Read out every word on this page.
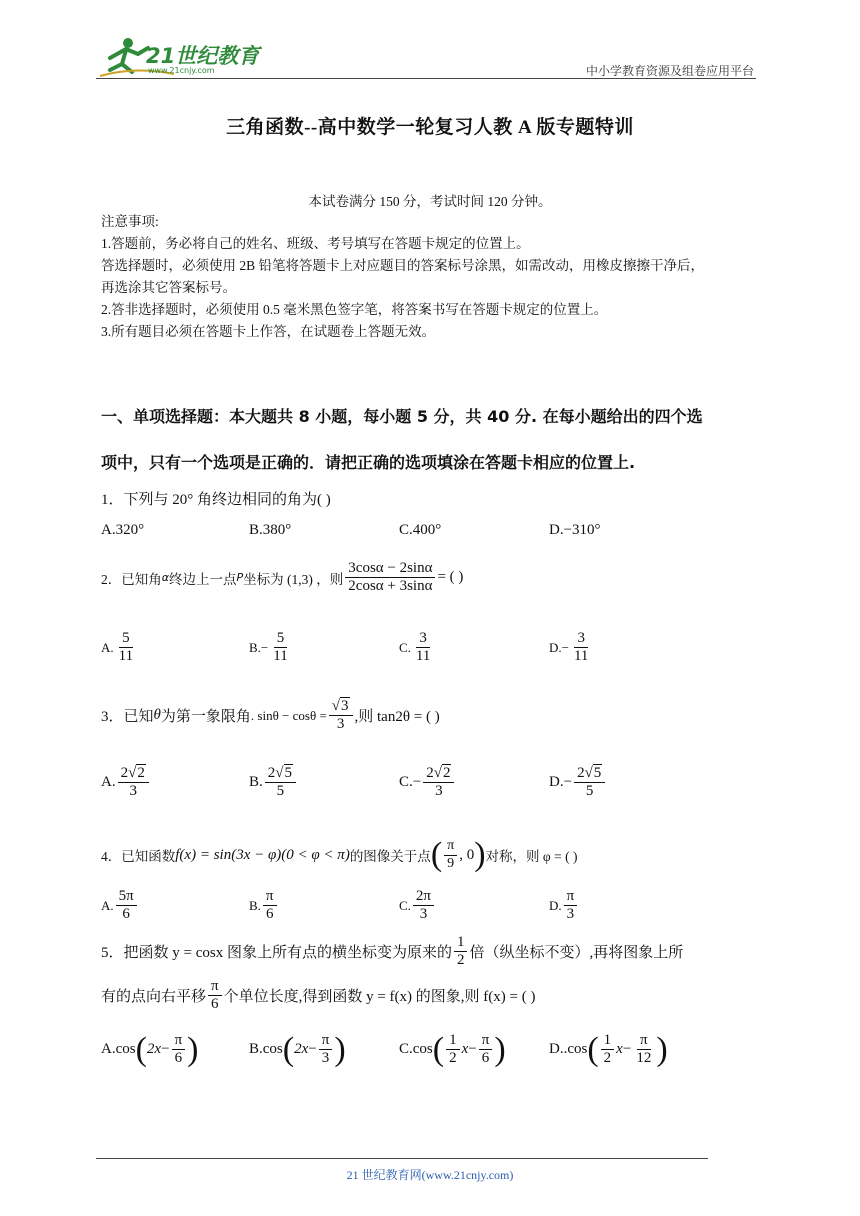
21世纪教育
www.21cnjy.com	中小学教育资源及组卷应用平台
三角函数--高中数学一轮复习人教 A 版专题特训
本试卷满分 150 分，考试时间 120 分钟。
注意事项:
1.答题前，务必将自己的姓名、班级、考号填写在答题卡规定的位置上。
答选择题时，必须使用 2B 铅笔将答题卡上对应题目的答案标号涂黑，如需改动，用橡皮擦擦干净后，
再选涂其它答案标号。
2.答非选择题时，必须使用 0.5 毫米黑色签字笔，将答案书写在答题卡规定的位置上。
3.所有题目必须在答题卡上作答，在试题卷上答题无效。
一、单项选择题：本大题共 8 小题，每小题 5 分，共 40 分. 在每小题给出的四个选
项中，只有一个选项是正确的．请把正确的选项填涂在答题卡相应的位置上.
1．下列与 20° 角终边相同的角为( )
A.320°	B.380°	C.400°	D.−310°
2．已知角 α 终边上一点 P 坐标为 (1,3) ，则 $\frac{3\cos\alpha - 2\sin\alpha}{2\cos\alpha + 3\sin\alpha}$ = ( )
A. $\frac{5}{11}$	B. − $\frac{5}{11}$	C. $\frac{3}{11}$	D. − $\frac{3}{11}$
3．已知 θ 为第一象限角 . $\sin\theta - \cos\theta = \frac{√3}{3}$ ,则 tan2θ = ( )
A. $\frac{2√2}{3}$	B. $\frac{2√5}{5}$	C. − $\frac{2√2}{3}$	D. − $\frac{2√5}{5}$
4．已知函数 f(x) = sin(3x − φ)(0 < φ < π) 的图像关于点 ( $\frac{\pi}{9}$ , 0 ) 对称，则 φ = ( )
A. $\frac{5\pi}{6}$	B. $\frac{\pi}{6}$	C. $\frac{2\pi}{3}$	D. $\frac{\pi}{3}$
5．把函数 y = cosx 图象上所有点的横坐标变为原来的 $\frac{1}{2}$ 倍（纵坐标不变）,再将图象上所
有的点向右平移 $\frac{\pi}{6}$ 个单位长度,得到函数 y = f(x) 的图象,则 f(x) = ( )
A. cos ( $2x - \frac{\pi}{6}$ )	B. cos ( $2x - \frac{\pi}{3}$ )	C. cos ( $\frac{1}{2}$ $x - \frac{\pi}{6}$ )	D.. cos ( $\frac{1}{2}$ $x - \frac{\pi}{12}$ )
21 世纪教育网(www.21cnjy.com)
